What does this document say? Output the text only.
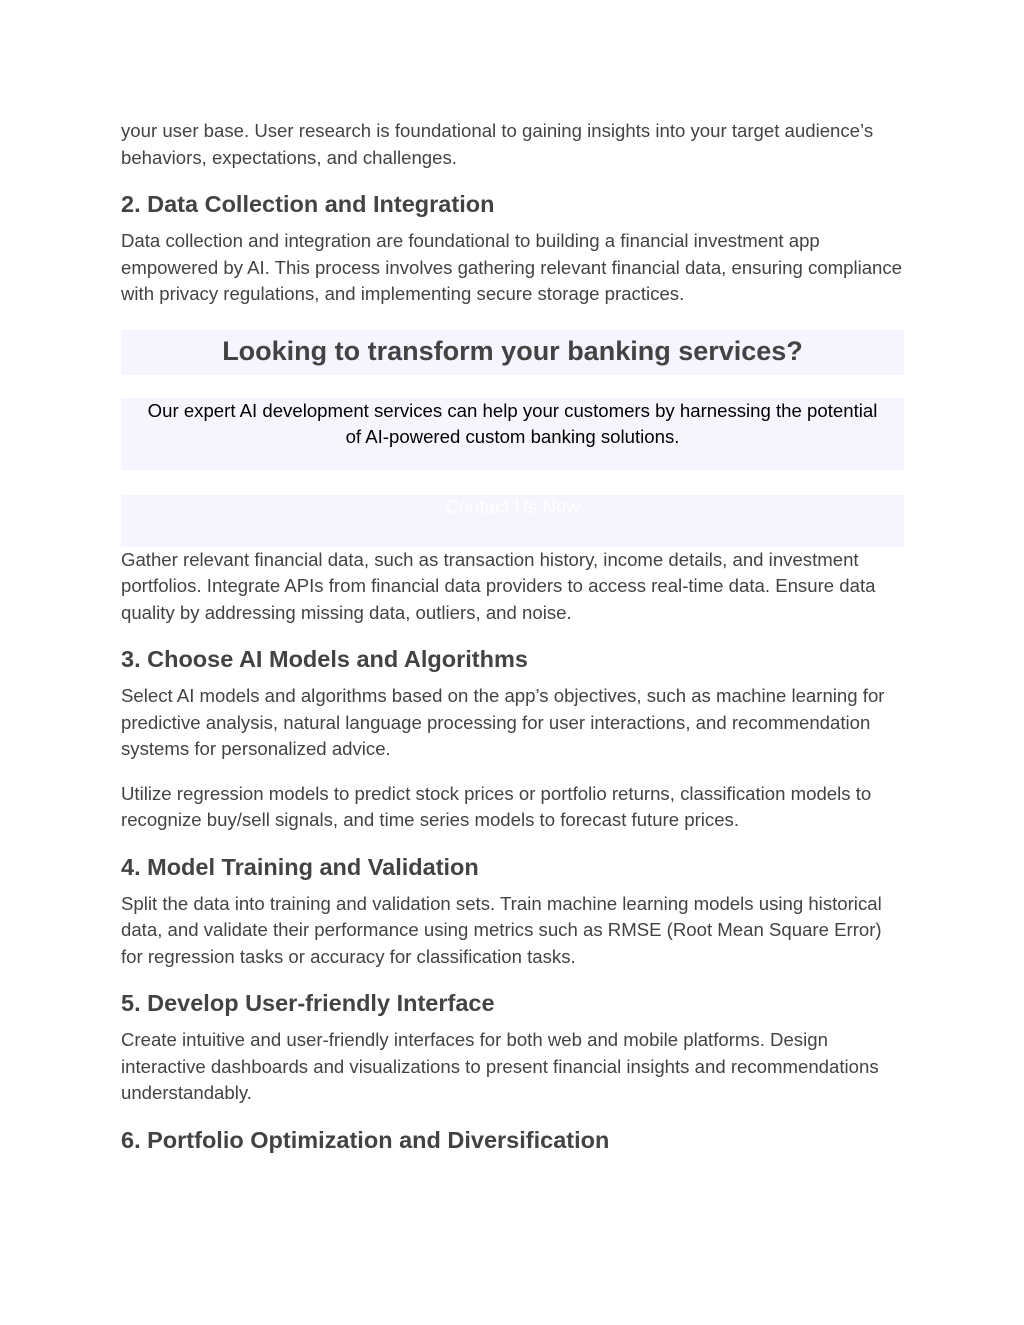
your user base. User research is foundational to gaining insights into your target audience’s behaviors, expectations, and challenges.

2. Data Collection and Integration

Data collection and integration are foundational to building a financial investment app empowered by AI. This process involves gathering relevant financial data, ensuring compliance with privacy regulations, and implementing secure storage practices.

Looking to transform your banking services?
Our expert AI development services can help your customers by harnessing the potential of AI-powered custom banking solutions.
Contact Us Now

Gather relevant financial data, such as transaction history, income details, and investment portfolios. Integrate APIs from financial data providers to access real-time data. Ensure data quality by addressing missing data, outliers, and noise.

3. Choose AI Models and Algorithms

Select AI models and algorithms based on the app’s objectives, such as machine learning for predictive analysis, natural language processing for user interactions, and recommendation systems for personalized advice.

Utilize regression models to predict stock prices or portfolio returns, classification models to recognize buy/sell signals, and time series models to forecast future prices.

4. Model Training and Validation

Split the data into training and validation sets. Train machine learning models using historical data, and validate their performance using metrics such as RMSE (Root Mean Square Error) for regression tasks or accuracy for classification tasks.

5. Develop User-friendly Interface

Create intuitive and user-friendly interfaces for both web and mobile platforms. Design interactive dashboards and visualizations to present financial insights and recommendations understandably.

6. Portfolio Optimization and Diversification
